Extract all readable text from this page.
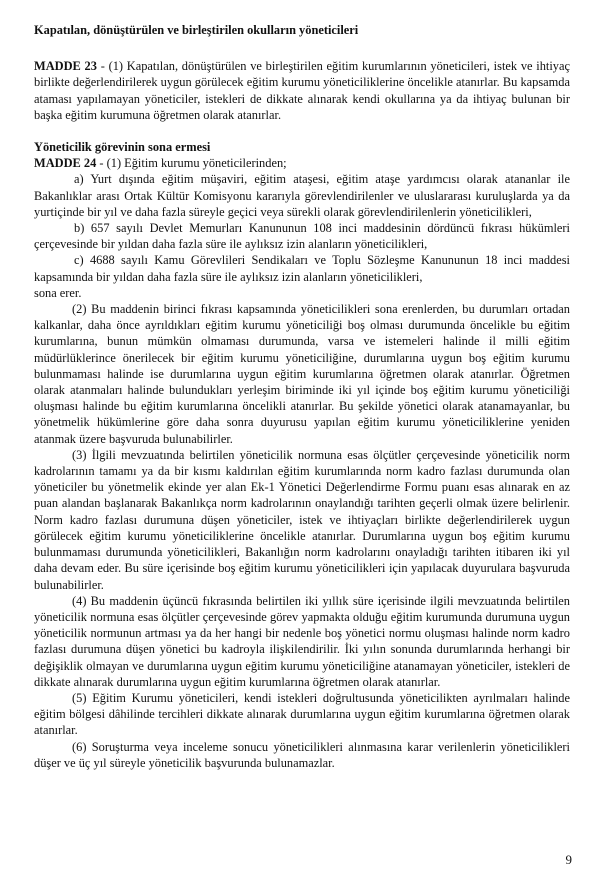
Kapatılan, dönüştürülen ve birleştirilen okulların yöneticileri

MADDE 23 - (1) Kapatılan, dönüştürülen ve birleştirilen eğitim kurumlarının yöneticileri, istek ve ihtiyaç birlikte değerlendirilerek uygun görülecek eğitim kurumu yöneticiliklerine öncelikle atanırlar. Bu kapsamda ataması yapılamayan yöneticiler, istekleri de dikkate alınarak kendi okullarına ya da ihtiyaç bulunan bir başka eğitim kurumuna öğretmen olarak atanırlar.

Yöneticilik görevinin sona ermesi

MADDE 24 - (1) Eğitim kurumu yöneticilerinden;

a) Yurt dışında eğitim müşaviri, eğitim ataşesi, eğitim ataşe yardımcısı olarak atananlar ile Bakanlıklar arası Ortak Kültür Komisyonu kararıyla görevlendirilenler ve uluslararası kuruluşlarda ya da yurtiçinde bir yıl ve daha fazla süreyle geçici veya sürekli olarak görevlendirilenlerin yöneticilikleri,

b) 657 sayılı Devlet Memurları Kanununun 108 inci maddesinin dördüncü fıkrası hükümleri çerçevesinde bir yıldan daha fazla süre ile aylıksız izin alanların yöneticilikleri,

c) 4688 sayılı Kamu Görevlileri Sendikaları ve Toplu Sözleşme Kanununun 18 inci maddesi kapsamında bir yıldan daha fazla süre ile aylıksız izin alanların yöneticilikleri,

sona erer.

(2) Bu maddenin birinci fıkrası kapsamında yöneticilikleri sona erenlerden, bu durumları ortadan kalkanlar, daha önce ayrıldıkları eğitim kurumu yöneticiliği boş olması durumunda öncelikle bu eğitim kurumlarına, bunun mümkün olmaması durumunda, varsa ve istemeleri halinde il milli eğitim müdürlüklerince önerilecek bir eğitim kurumu yöneticiliğine, durumlarına uygun boş eğitim kurumu bulunmaması halinde ise durumlarına uygun eğitim kurumlarına öğretmen olarak atanırlar. Öğretmen olarak atanmaları halinde bulundukları yerleşim biriminde iki yıl içinde boş eğitim kurumu yöneticiliği oluşması halinde bu eğitim kurumlarına öncelikli atanırlar. Bu şekilde yönetici olarak atanamayanlar, bu yönetmelik hükümlerine göre daha sonra duyurusu yapılan eğitim kurumu yöneticiliklerine yeniden atanmak üzere başvuruda bulunabilirler.

(3) İlgili mevzuatında belirtilen yöneticilik normuna esas ölçütler çerçevesinde yöneticilik norm kadrolarının tamamı ya da bir kısmı kaldırılan eğitim kurumlarında norm kadro fazlası durumunda olan yöneticiler bu yönetmelik ekinde yer alan Ek-1 Yönetici Değerlendirme Formu puanı esas alınarak en az puan alandan başlanarak Bakanlıkça norm kadrolarının onaylandığı tarihten geçerli olmak üzere belirlenir. Norm kadro fazlası durumuna düşen yöneticiler, istek ve ihtiyaçları birlikte değerlendirilerek uygun görülecek eğitim kurumu yöneticiliklerine öncelikle atanırlar. Durumlarına uygun boş eğitim kurumu bulunmaması durumunda yöneticilikleri, Bakanlığın norm kadrolarını onayladığı tarihten itibaren iki yıl daha devam eder. Bu süre içerisinde boş eğitim kurumu yöneticilikleri için yapılacak duyurulara başvuruda bulunabilirler.

(4) Bu maddenin üçüncü fıkrasında belirtilen iki yıllık süre içerisinde ilgili mevzuatında belirtilen yöneticilik normuna esas ölçütler çerçevesinde görev yapmakta olduğu eğitim kurumunda durumuna uygun yöneticilik normunun artması ya da her hangi bir nedenle boş yönetici normu oluşması halinde norm kadro fazlası durumuna düşen yönetici bu kadroyla ilişkilendirilir. İki yılın sonunda durumlarında herhangi bir değişiklik olmayan ve durumlarına uygun eğitim kurumu yöneticiliğine atanamayan yöneticiler, istekleri de dikkate alınarak durumlarına uygun eğitim kurumlarına öğretmen olarak atanırlar.

(5) Eğitim Kurumu yöneticileri, kendi istekleri doğrultusunda yöneticilikten ayrılmaları halinde eğitim bölgesi dâhilinde tercihleri dikkate alınarak durumlarına uygun eğitim kurumlarına öğretmen olarak atanırlar.

(6) Soruşturma veya inceleme sonucu yöneticilikleri alınmasına karar verilenlerin yöneticilikleri düşer ve üç yıl süreyle yöneticilik başvurunda bulunamazlar.

9
